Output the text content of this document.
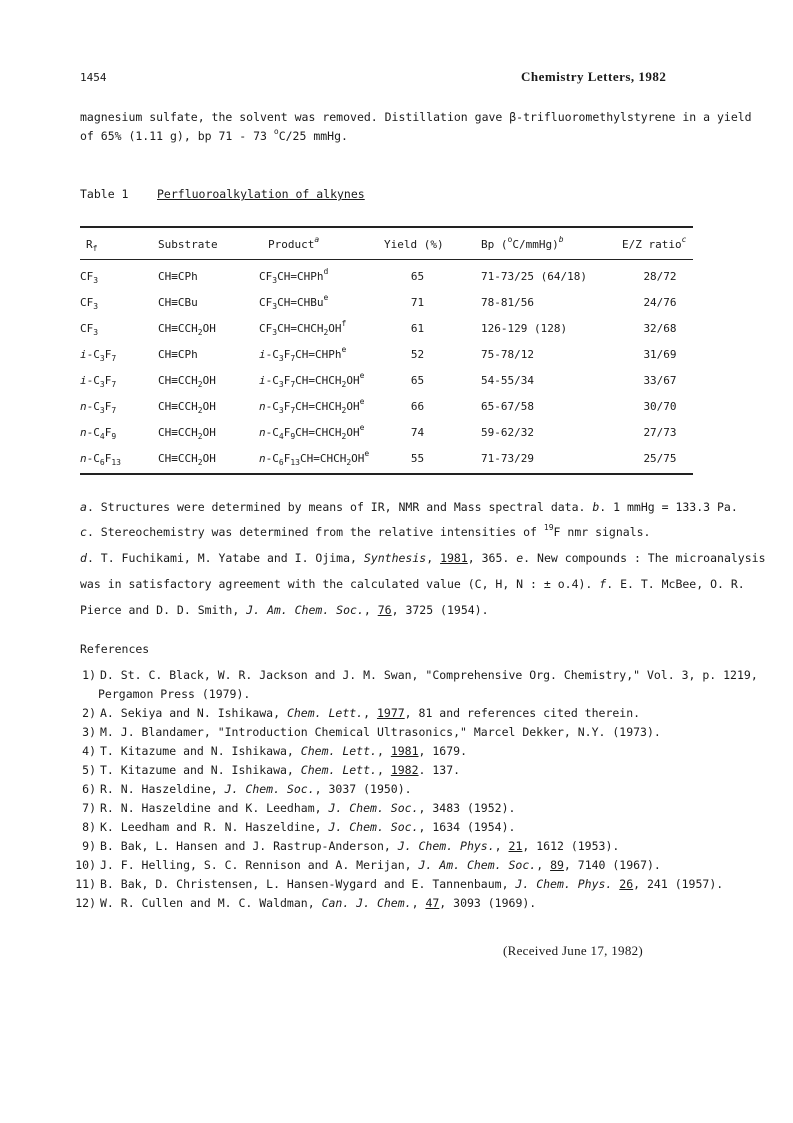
1454	Chemistry Letters, 1982
magnesium sulfate, the solvent was removed. Distillation gave β-trifluoromethylstyrene in a yield
of 65% (1.11 g), bp 71 - 73 $^o$C/25 mmHg.
Table 1 Perfluoroalkylation of alkynes
$R_f$	Substrate	Product$^a$	Yield (%)	Bp ($^o$C/mmHg)$^b$	E/Z ratio$^c$
$CF_3$	CH≡CPh	$CF_3CH=CHPh^d$	65	71-73/25 (64/18)	28/72
$CF_3$	CH≡CBu	$CF_3CH=CHBu^e$	71	78-81/56	24/76
$CF_3$	$CH\equiv CCH_2OH$	$CF_3CH=CHCH_2OH^f$	61	126-129 (128)	32/68
$i-C_3F_7$	CH≡CPh	$i-C_3F_7CH=CHPh^e$	52	75-78/12	31/69
$i-C_3F_7$	$CH\equiv CCH_2OH$	$i-C_3F_7CH=CHCH_2OH^e$	65	54-55/34	33/67
$n-C_3F_7$	$CH\equiv CCH_2OH$	$n-C_3F_7CH=CHCH_2OH^e$	66	65-67/58	30/70
$n-C_4F_9$	$CH\equiv CCH_2OH$	$n-C_4F_9CH=CHCH_2OH^e$	74	59-62/32	27/73
$n-C_6F_{13}$	$CH\equiv CCH_2OH$	$n-C_6F_{13}CH=CHCH_2OH^e$	55	71-73/29	25/75
a. Structures were determined by means of IR, NMR and Mass spectral data. b. 1 mmHg = 133.3 Pa.
c. Stereochemistry was determined from the relative intensities of $^{19}$F nmr signals.
d. T. Fuchikami, M. Yatabe and I. Ojima, Synthesis, 1981, 365. e. New compounds : The microanalysis
was in satisfactory agreement with the calculated value (C, H, N : ± o.4). f. E. T. McBee, O. R.
Pierce and D. D. Smith, J. Am. Chem. Soc., 76, 3725 (1954).
References
1) D. St. C. Black, W. R. Jackson and J. M. Swan, "Comprehensive Org. Chemistry," Vol. 3, p. 1219,
Pergamon Press (1979).
2) A. Sekiya and N. Ishikawa, Chem. Lett., 1977, 81 and references cited therein.
3) M. J. Blandamer, "Introduction Chemical Ultrasonics," Marcel Dekker, N.Y. (1973).
4) T. Kitazume and N. Ishikawa, Chem. Lett., 1981, 1679.
5) T. Kitazume and N. Ishikawa, Chem. Lett., 1982. 137.
6) R. N. Haszeldine, J. Chem. Soc., 3037 (1950).
7) R. N. Haszeldine and K. Leedham, J. Chem. Soc., 3483 (1952).
8) K. Leedham and R. N. Haszeldine, J. Chem. Soc., 1634 (1954).
9) B. Bak, L. Hansen and J. Rastrup-Anderson, J. Chem. Phys., 21, 1612 (1953).
10) J. F. Helling, S. C. Rennison and A. Merijan, J. Am. Chem. Soc., 89, 7140 (1967).
11) B. Bak, D. Christensen, L. Hansen-Wygard and E. Tannenbaum, J. Chem. Phys. 26, 241 (1957).
12) W. R. Cullen and M. C. Waldman, Can. J. Chem., 47, 3093 (1969).
(Received June 17, 1982)
